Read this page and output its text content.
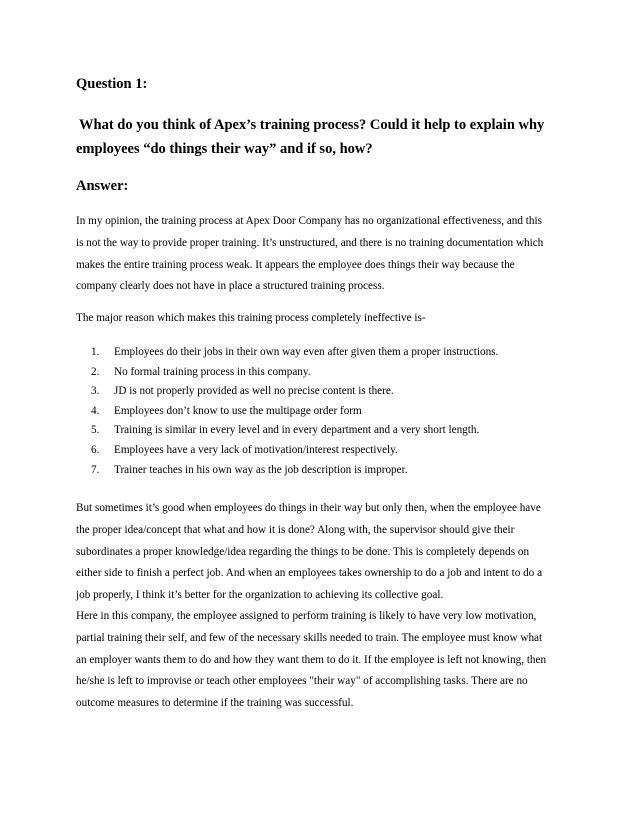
Question 1:

What do you think of Apex’s training process? Could it help to explain why
employees “do things their way” and if so, how?

Answer:

In my opinion, the training process at Apex Door Company has no organizational effectiveness, and this
is not the way to provide proper training. It’s unstructured, and there is no training documentation which
makes the entire training process weak. It appears the employee does things their way because the
company clearly does not have in place a structured training process.

The major reason which makes this training process completely ineffective is-

1. Employees do their jobs in their own way even after given them a proper instructions.
2. No formal training process in this company.
3. JD is not properly provided as well no precise content is there.
4. Employees don’t know to use the multipage order form
5. Training is similar in every level and in every department and a very short length.
6. Employees have a very lack of motivation/interest respectively.
7. Trainer teaches in his own way as the job description is improper.

But sometimes it’s good when employees do things in their way but only then, when the employee have
the proper idea/concept that what and how it is done? Along with, the supervisor should give their
subordinates a proper knowledge/idea regarding the things to be done. This is completely depends on
either side to finish a perfect job. And when an employees takes ownership to do a job and intent to do a
job properly, I think it’s better for the organization to achieving its collective goal.

Here in this company, the employee assigned to perform training is likely to have very low motivation,
partial training their self, and few of the necessary skills needed to train. The employee must know what
an employer wants them to do and how they want them to do it. If the employee is left not knowing, then
he/she is left to improvise or teach other employees "their way" of accomplishing tasks. There are no
outcome measures to determine if the training was successful.
